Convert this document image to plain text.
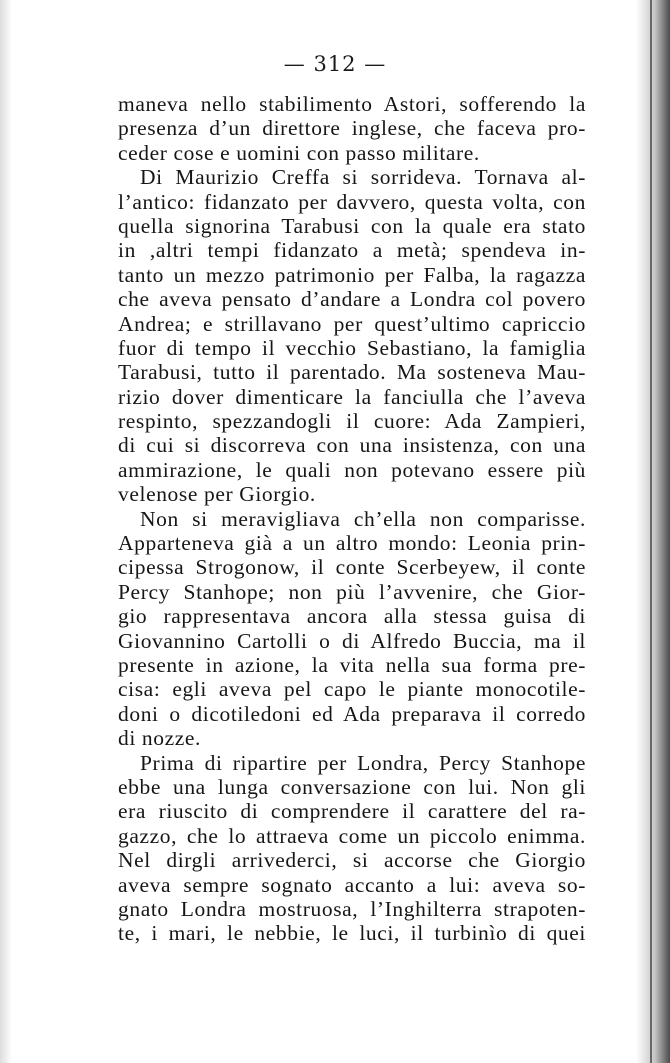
— 312 —
maneva nello stabilimento Astori, sofferendo la
presenza d’un direttore inglese, che faceva pro-
ceder cose e uomini con passo militare.
Di Maurizio Creffa si sorrideva. Tornava al-
l’antico: fidanzato per davvero, questa volta, con
quella signorina Tarabusi con la quale era stato
in ,altri tempi fidanzato a metà; spendeva in-
tanto un mezzo patrimonio per Falba, la ragazza
che aveva pensato d’andare a Londra col povero
Andrea; e strillavano per quest’ultimo capriccio
fuor di tempo il vecchio Sebastiano, la famiglia
Tarabusi, tutto il parentado. Ma sosteneva Mau-
rizio dover dimenticare la fanciulla che l’aveva
respinto, spezzandogli il cuore: Ada Zampieri,
di cui si discorreva con una insistenza, con una
ammirazione, le quali non potevano essere più
velenose per Giorgio.
Non si meravigliava ch’ella non comparisse.
Apparteneva già a un altro mondo: Leonia prin-
cipessa Strogonow, il conte Scerbeyew, il conte
Percy Stanhope; non più l’avvenire, che Gior-
gio rappresentava ancora alla stessa guisa di
Giovannino Cartolli o di Alfredo Buccia, ma il
presente in azione, la vita nella sua forma pre-
cisa: egli aveva pel capo le piante monocotile-
doni o dicotiledoni ed Ada preparava il corredo
di nozze.
Prima di ripartire per Londra, Percy Stanhope
ebbe una lunga conversazione con lui. Non gli
era riuscito di comprendere il carattere del ra-
gazzo, che lo attraeva come un piccolo enimma.
Nel dirgli arrivederci, si accorse che Giorgio
aveva sempre sognato accanto a lui: aveva so-
gnato Londra mostruosa, l’Inghilterra strapoten-
te, i mari, le nebbie, le luci, il turbinìo di quei
